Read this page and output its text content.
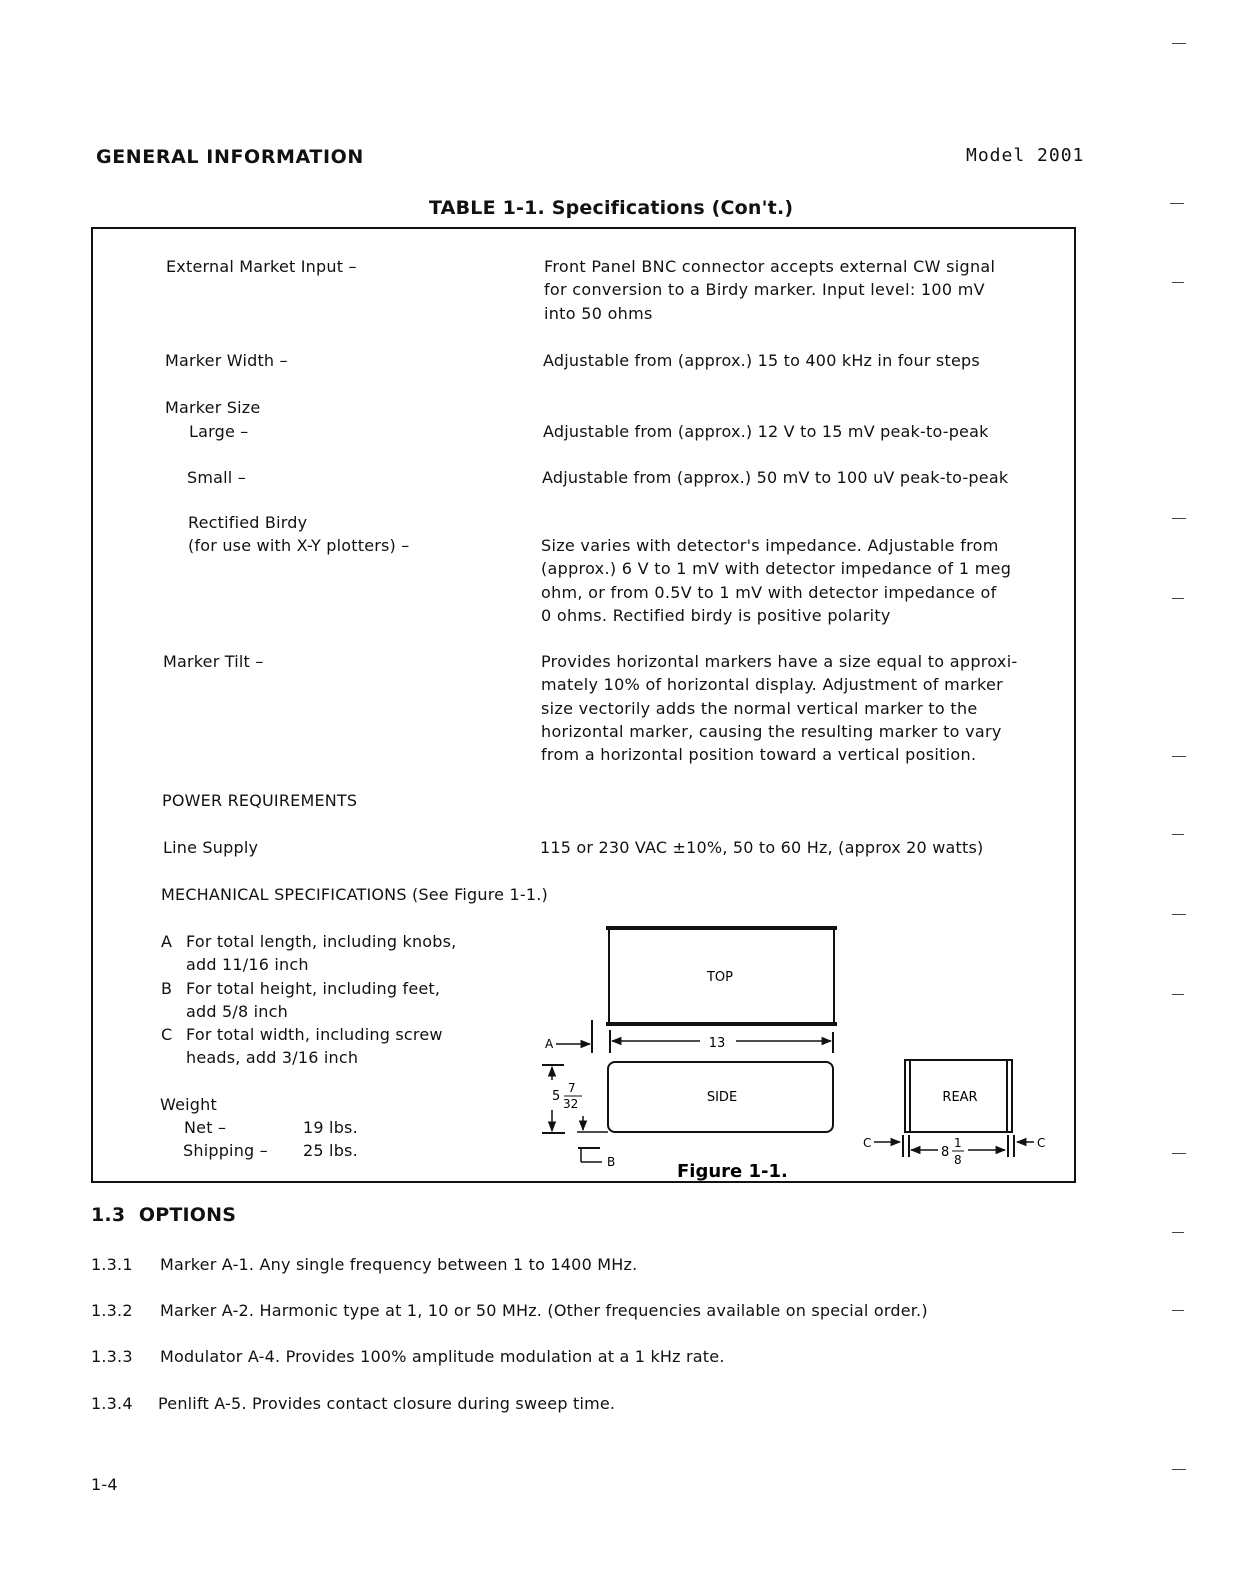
GENERAL INFORMATION	Model 2001
TABLE 1-1. Specifications (Con't.)
External Market Input –	Front Panel BNC connector accepts external CW signal
for conversion to a Birdy marker. Input level: 100 mV
into 50 ohms
Marker Width –	Adjustable from (approx.) 15 to 400 kHz in four steps
Marker Size
Large –	Adjustable from (approx.) 12 V to 15 mV peak-to-peak
Small –	Adjustable from (approx.) 50 mV to 100 uV peak-to-peak
Rectified Birdy
(for use with X-Y plotters) –	Size varies with detector's impedance. Adjustable from
(approx.) 6 V to 1 mV with detector impedance of 1 meg
ohm, or from 0.5V to 1 mV with detector impedance of
0 ohms. Rectified birdy is positive polarity
Marker Tilt –	Provides horizontal markers have a size equal to approxi-
mately 10% of horizontal display. Adjustment of marker
size vectorily adds the normal vertical marker to the
horizontal marker, causing the resulting marker to vary
from a horizontal position toward a vertical position.
POWER REQUIREMENTS
Line Supply	115 or 230 VAC ±10%, 50 to 60 Hz, (approx 20 watts)
MECHANICAL SPECIFICATIONS (See Figure 1-1.)
A For total length, including knobs,
add 11/16 inch
B For total height, including feet,
add 5/8 inch
C For total width, including screw
heads, add 3/16 inch
Weight
Net –	19 lbs.
Shipping – 25 lbs.
TOP
A	13
SIDE
5
7
32
B	Figure 1-1.
REAR
C
8
1
8
C
1.3  OPTIONS
1.3.1 Marker A-1. Any single frequency between 1 to 1400 MHz.
1.3.2 Marker A-2. Harmonic type at 1, 10 or 50 MHz. (Other frequencies available on special order.)
1.3.3 Modulator A-4. Provides 100% amplitude modulation at a 1 kHz rate.
1.3.4 Penlift A-5. Provides contact closure during sweep time.
1-4
